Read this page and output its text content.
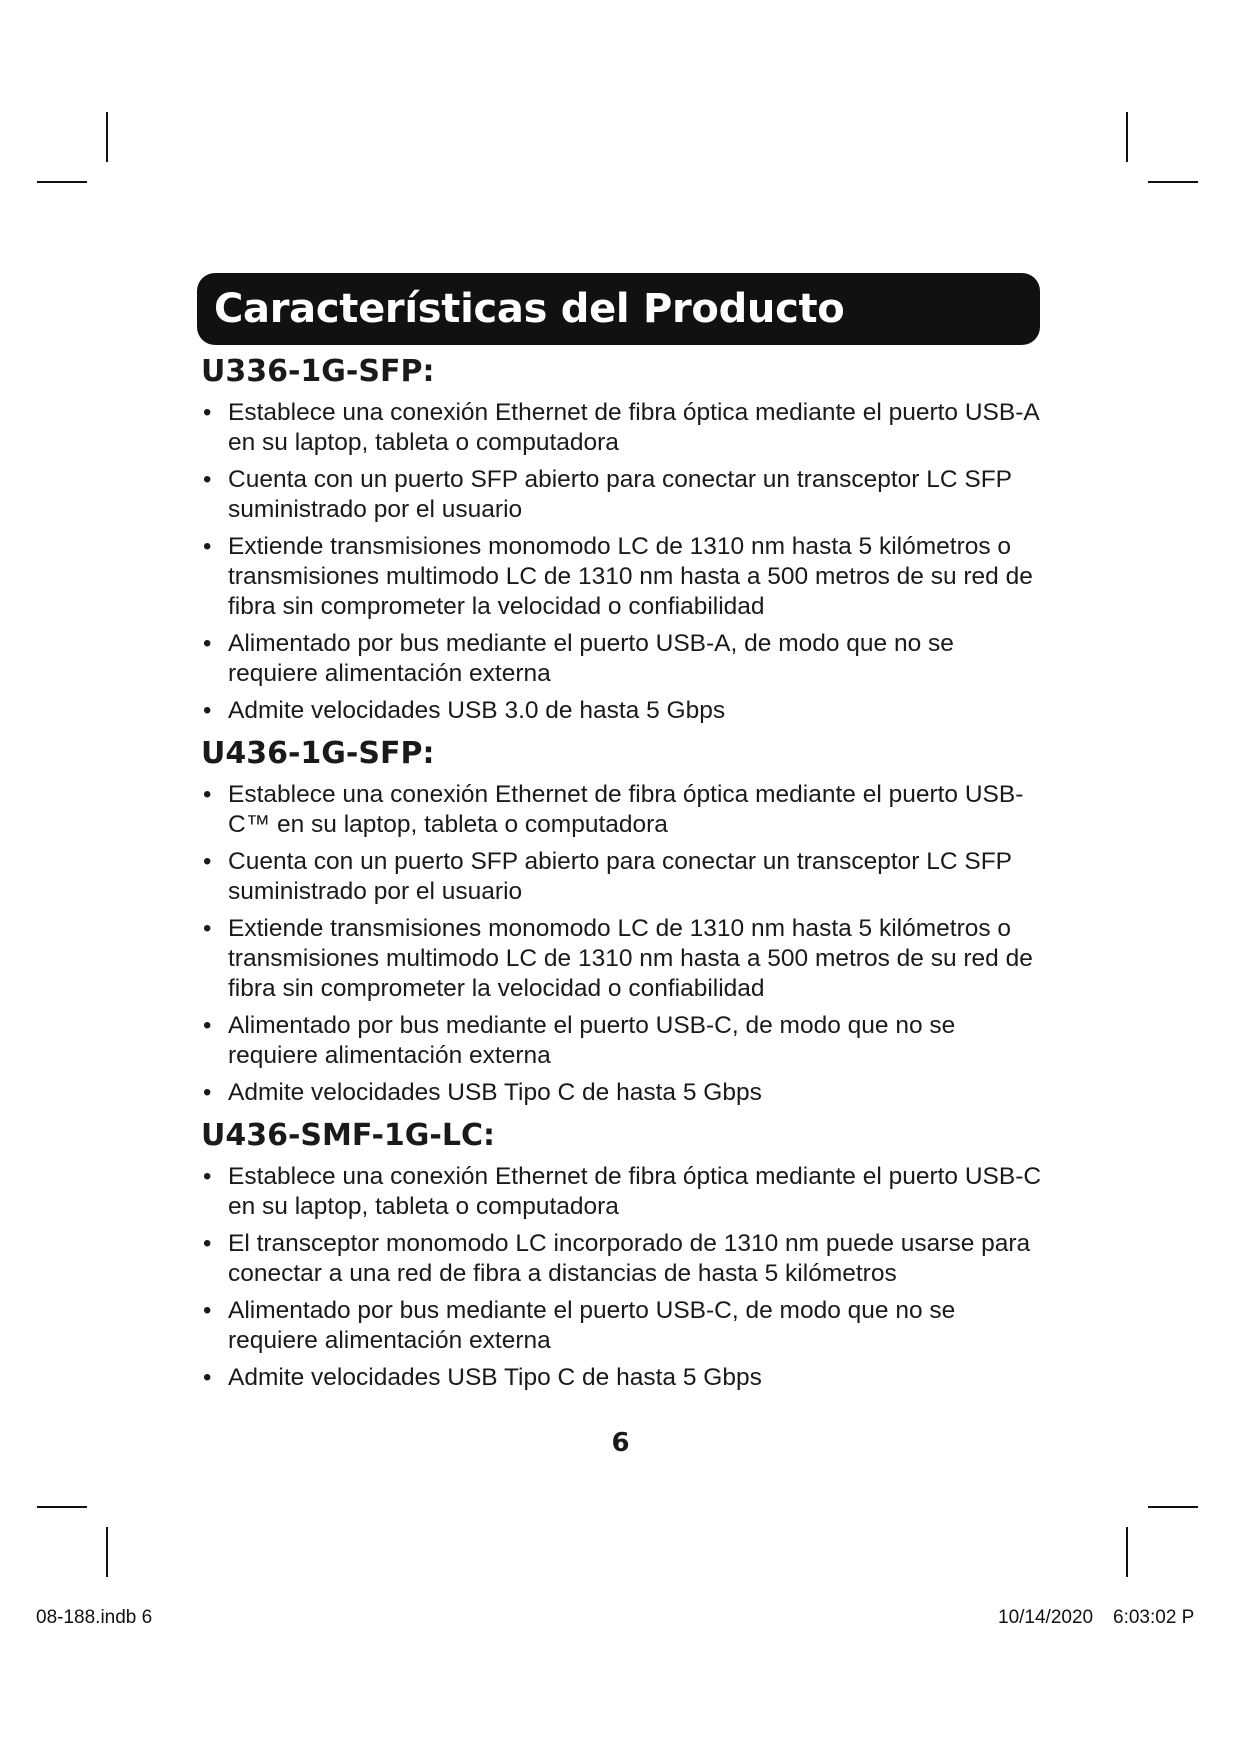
Características del Producto
U336-1G-SFP:
• Establece una conexión Ethernet de fibra óptica mediante el puerto USB-A en su laptop, tableta o computadora
• Cuenta con un puerto SFP abierto para conectar un transceptor LC SFP suministrado por el usuario
• Extiende transmisiones monomodo LC de 1310 nm hasta 5 kilómetros o transmisiones multimodo LC de 1310 nm hasta a 500 metros de su red de fibra sin comprometer la velocidad o confiabilidad
• Alimentado por bus mediante el puerto USB-A, de modo que no se requiere alimentación externa
• Admite velocidades USB 3.0 de hasta 5 Gbps
U436-1G-SFP:
• Establece una conexión Ethernet de fibra óptica mediante el puerto USB-C™ en su laptop, tableta o computadora
• Cuenta con un puerto SFP abierto para conectar un transceptor LC SFP suministrado por el usuario
• Extiende transmisiones monomodo LC de 1310 nm hasta 5 kilómetros o transmisiones multimodo LC de 1310 nm hasta a 500 metros de su red de fibra sin comprometer la velocidad o confiabilidad
• Alimentado por bus mediante el puerto USB-C, de modo que no se requiere alimentación externa
• Admite velocidades USB Tipo C de hasta 5 Gbps
U436-SMF-1G-LC:
• Establece una conexión Ethernet de fibra óptica mediante el puerto USB-C en su laptop, tableta o computadora
• El transceptor monomodo LC incorporado de 1310 nm puede usarse para conectar a una red de fibra a distancias de hasta 5 kilómetros
• Alimentado por bus mediante el puerto USB-C, de modo que no se requiere alimentación externa
• Admite velocidades USB Tipo C de hasta 5 Gbps
6
08-188.indb 6	10/14/2020 6:03:02 P
